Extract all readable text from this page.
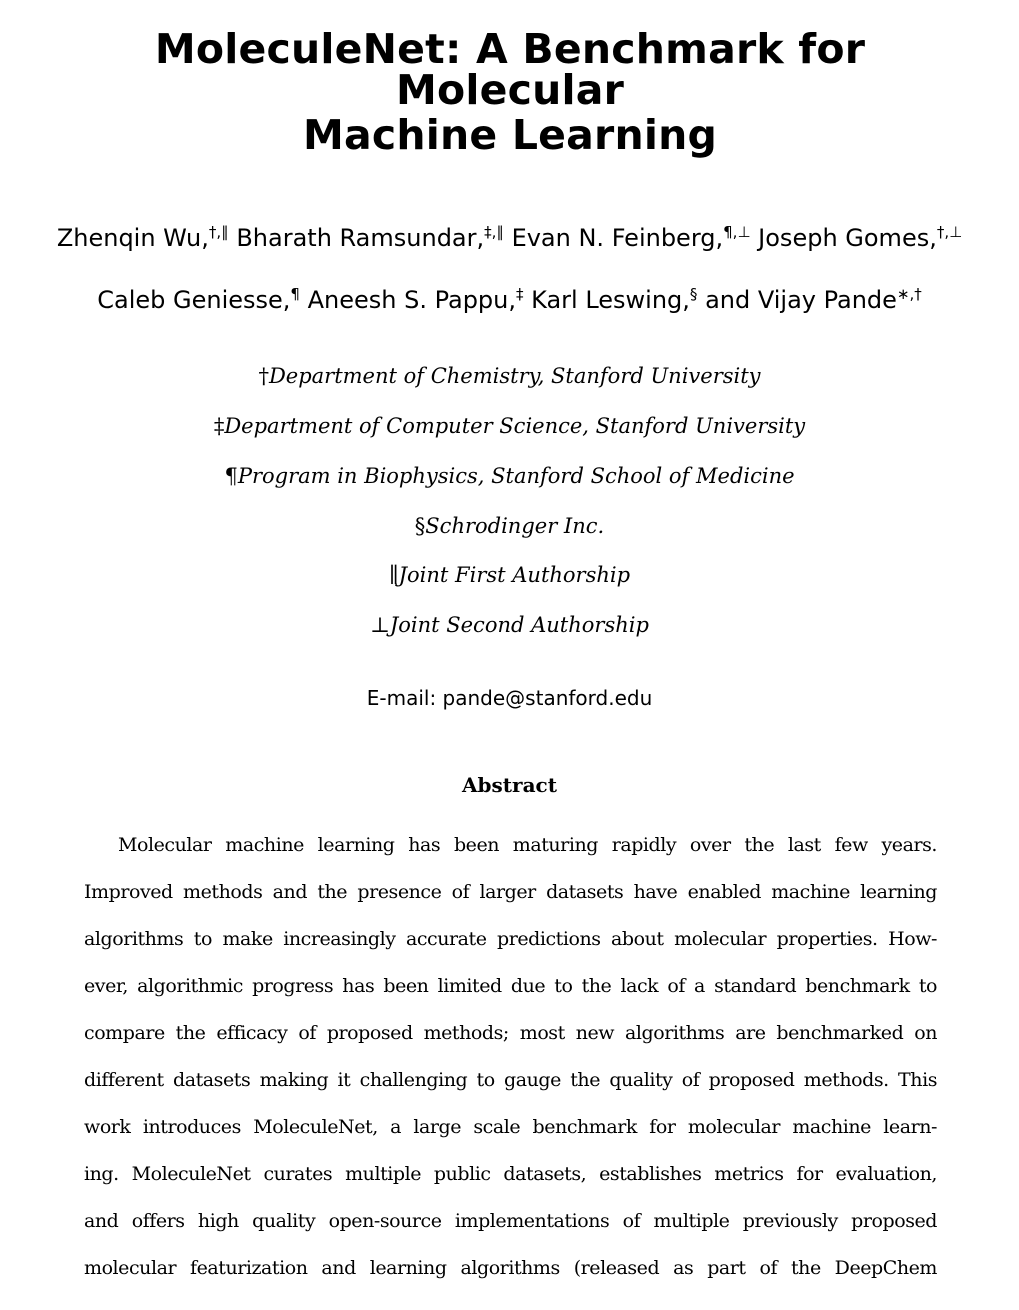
MoleculeNet: A Benchmark for Molecular
Machine Learning
Zhenqin Wu,†,∥ Bharath Ramsundar,‡,∥ Evan N. Feinberg,¶,⊥ Joseph Gomes,†,⊥
Caleb Geniesse,¶ Aneesh S. Pappu,‡ Karl Leswing,§ and Vijay Pande∗,†
†Department of Chemistry, Stanford University
‡Department of Computer Science, Stanford University
¶Program in Biophysics, Stanford School of Medicine
§Schrodinger Inc.
∥Joint First Authorship
⊥Joint Second Authorship
E-mail: pande@stanford.edu
Abstract
Molecular machine learning has been maturing rapidly over the last few years.
Improved methods and the presence of larger datasets have enabled machine learning
algorithms to make increasingly accurate predictions about molecular properties. How-
ever, algorithmic progress has been limited due to the lack of a standard benchmark to
compare the efficacy of proposed methods; most new algorithms are benchmarked on
different datasets making it challenging to gauge the quality of proposed methods. This
work introduces MoleculeNet, a large scale benchmark for molecular machine learn-
ing. MoleculeNet curates multiple public datasets, establishes metrics for evaluation,
and offers high quality open-source implementations of multiple previously proposed
molecular featurization and learning algorithms (released as part of the DeepChem
